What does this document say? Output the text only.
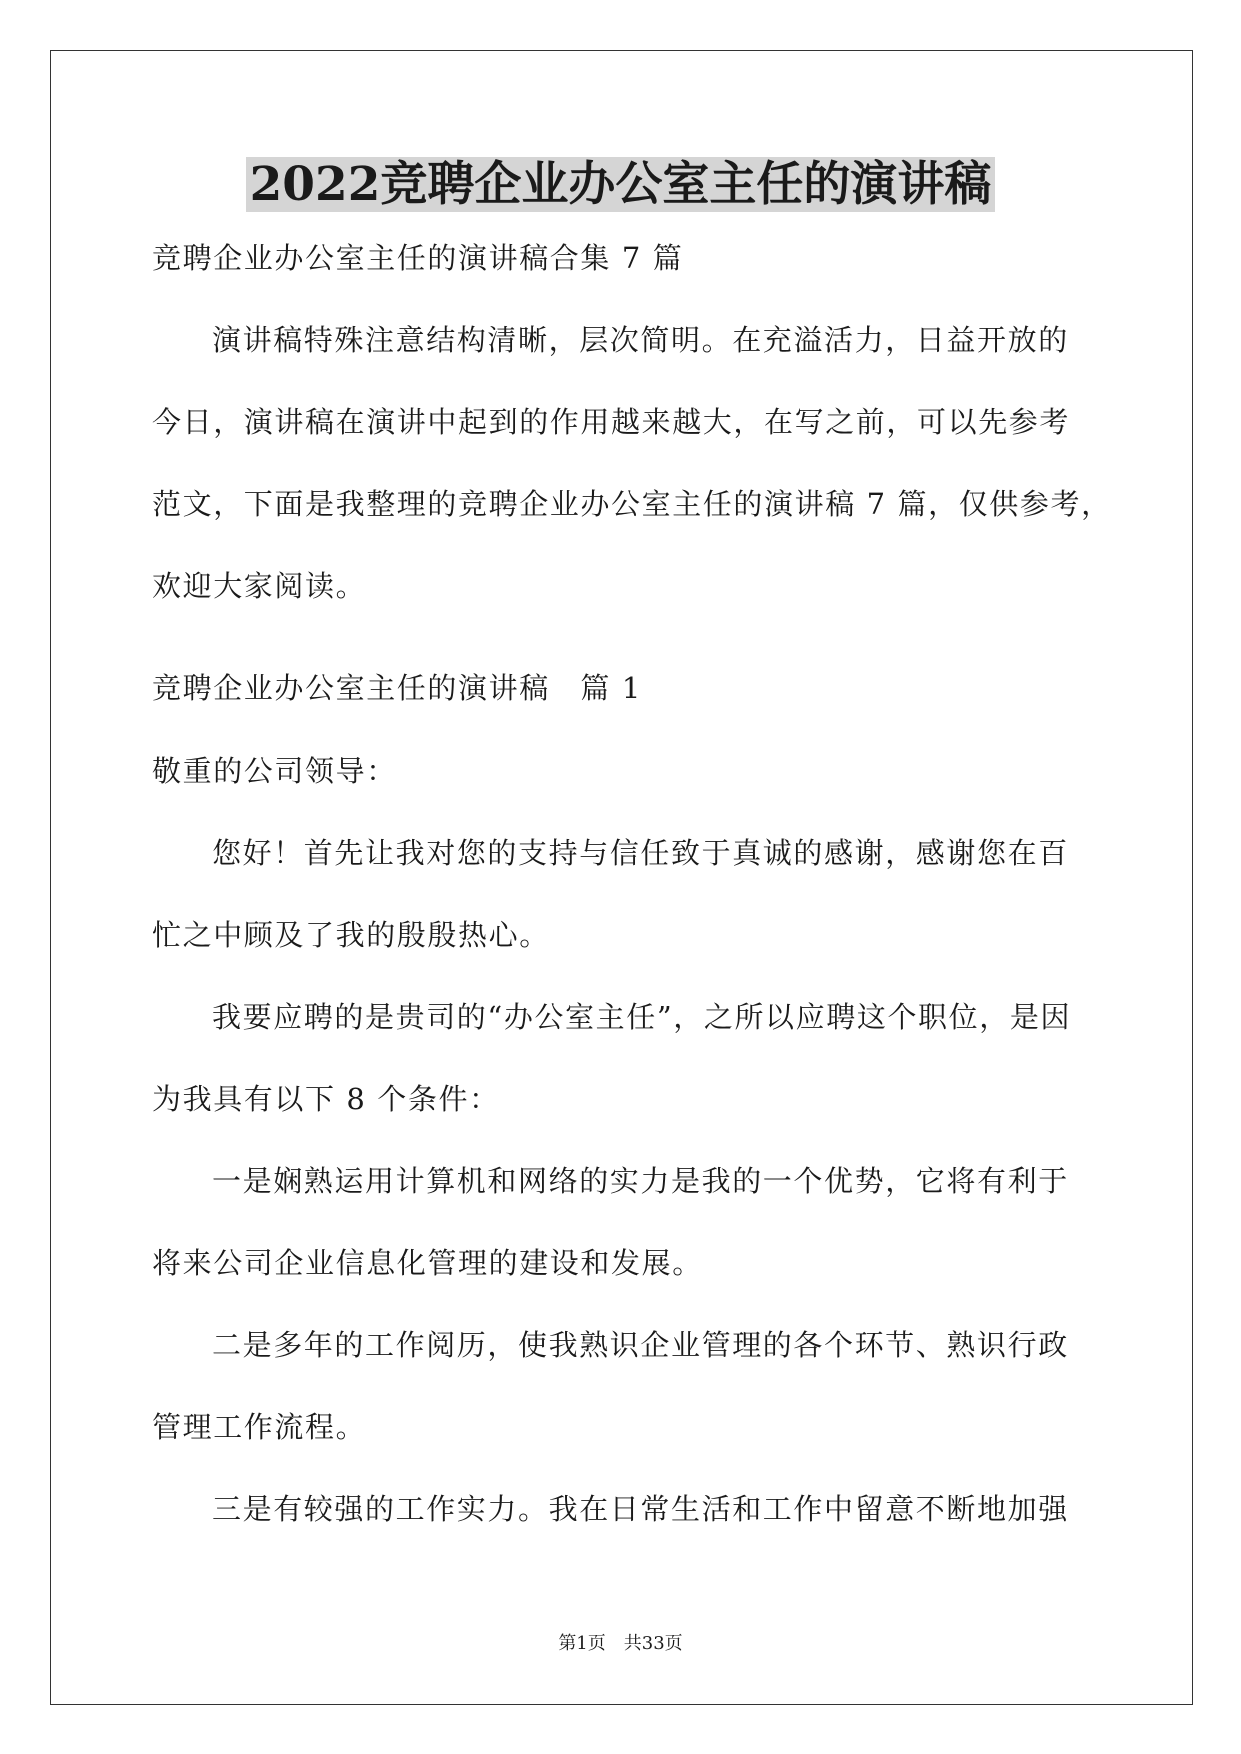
2022竞聘企业办公室主任的演讲稿
竞聘企业办公室主任的演讲稿合集 7 篇
演讲稿特殊注意结构清晰，层次简明。在充溢活力，日益开放的
今日，演讲稿在演讲中起到的作用越来越大，在写之前，可以先参考
范文，下面是我整理的竞聘企业办公室主任的演讲稿 7 篇，仅供参考，
欢迎大家阅读。
竞聘企业办公室主任的演讲稿　篇 1
敬重的公司领导：
您好！首先让我对您的支持与信任致于真诚的感谢，感谢您在百
忙之中顾及了我的殷殷热心。
我要应聘的是贵司的“办公室主任”，之所以应聘这个职位，是因
为我具有以下 8 个条件：
一是娴熟运用计算机和网络的实力是我的一个优势，它将有利于
将来公司企业信息化管理的建设和发展。
二是多年的工作阅历，使我熟识企业管理的各个环节、熟识行政
管理工作流程。
三是有较强的工作实力。我在日常生活和工作中留意不断地加强
第1页　共33页
